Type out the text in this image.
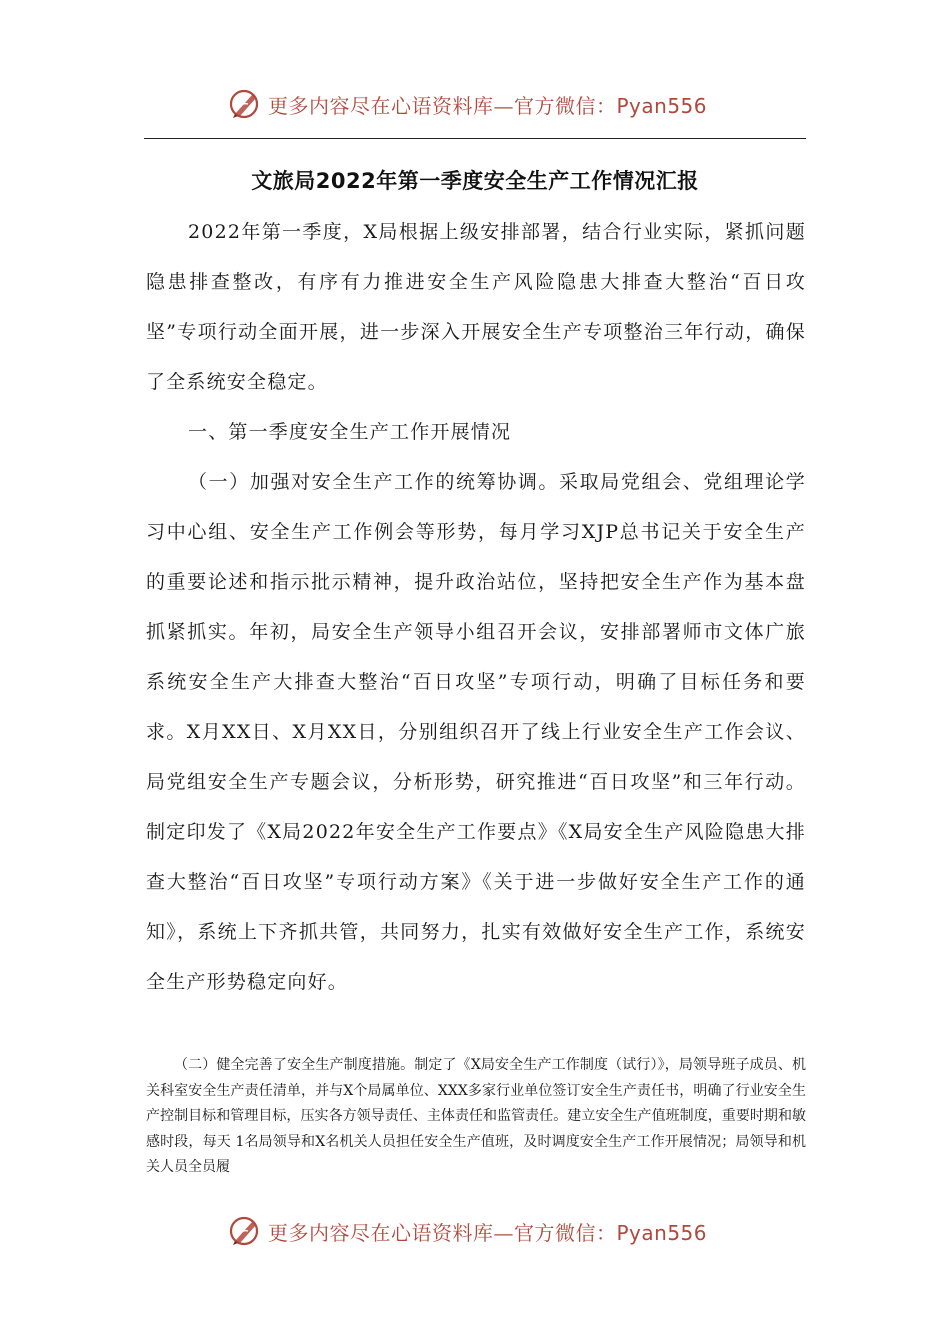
更多内容尽在心语资料库—官方微信：Pyan556
文旅局2022年第一季度安全生产工作情况汇报

2022年第一季度，X局根据上级安排部署，结合行业实际，紧抓问题隐患排查整改，有序有力推进安全生产风险隐患大排查大整治“百日攻坚”专项行动全面开展，进一步深入开展安全生产专项整治三年行动，确保了全系统安全稳定。

一、第一季度安全生产工作开展情况

（一）加强对安全生产工作的统筹协调。采取局党组会、党组理论学习中心组、安全生产工作例会等形势，每月学习XJP总书记关于安全生产的重要论述和指示批示精神，提升政治站位，坚持把安全生产作为基本盘抓紧抓实。年初，局安全生产领导小组召开会议，安排部署师市文体广旅系统安全生产大排查大整治“百日攻坚”专项行动，明确了目标任务和要求。X月XX日、X月XX日，分别组织召开了线上行业安全生产工作会议、局党组安全生产专题会议，分析形势，研究推进“百日攻坚”和三年行动。制定印发了《X局2022年安全生产工作要点》《X局安全生产风险隐患大排查大整治“百日攻坚”专项行动方案》《关于进一步做好安全生产工作的通知》，系统上下齐抓共管，共同努力，扎实有效做好安全生产工作，系统安全生产形势稳定向好。

（二）健全完善了安全生产制度措施。制定了《X局安全生产工作制度（试行）》，局领导班子成员、机关科室安全生产责任清单，并与X个局属单位、XXX多家行业单位签订安全生产责任书，明确了行业安全生产控制目标和管理目标，压实各方领导责任、主体责任和监管责任。建立安全生产值班制度，重要时期和敏感时段，每天 1名局领导和X名机关人员担任安全生产值班，及时调度安全生产工作开展情况；局领导和机关人员全员履

更多内容尽在心语资料库—官方微信：Pyan556
